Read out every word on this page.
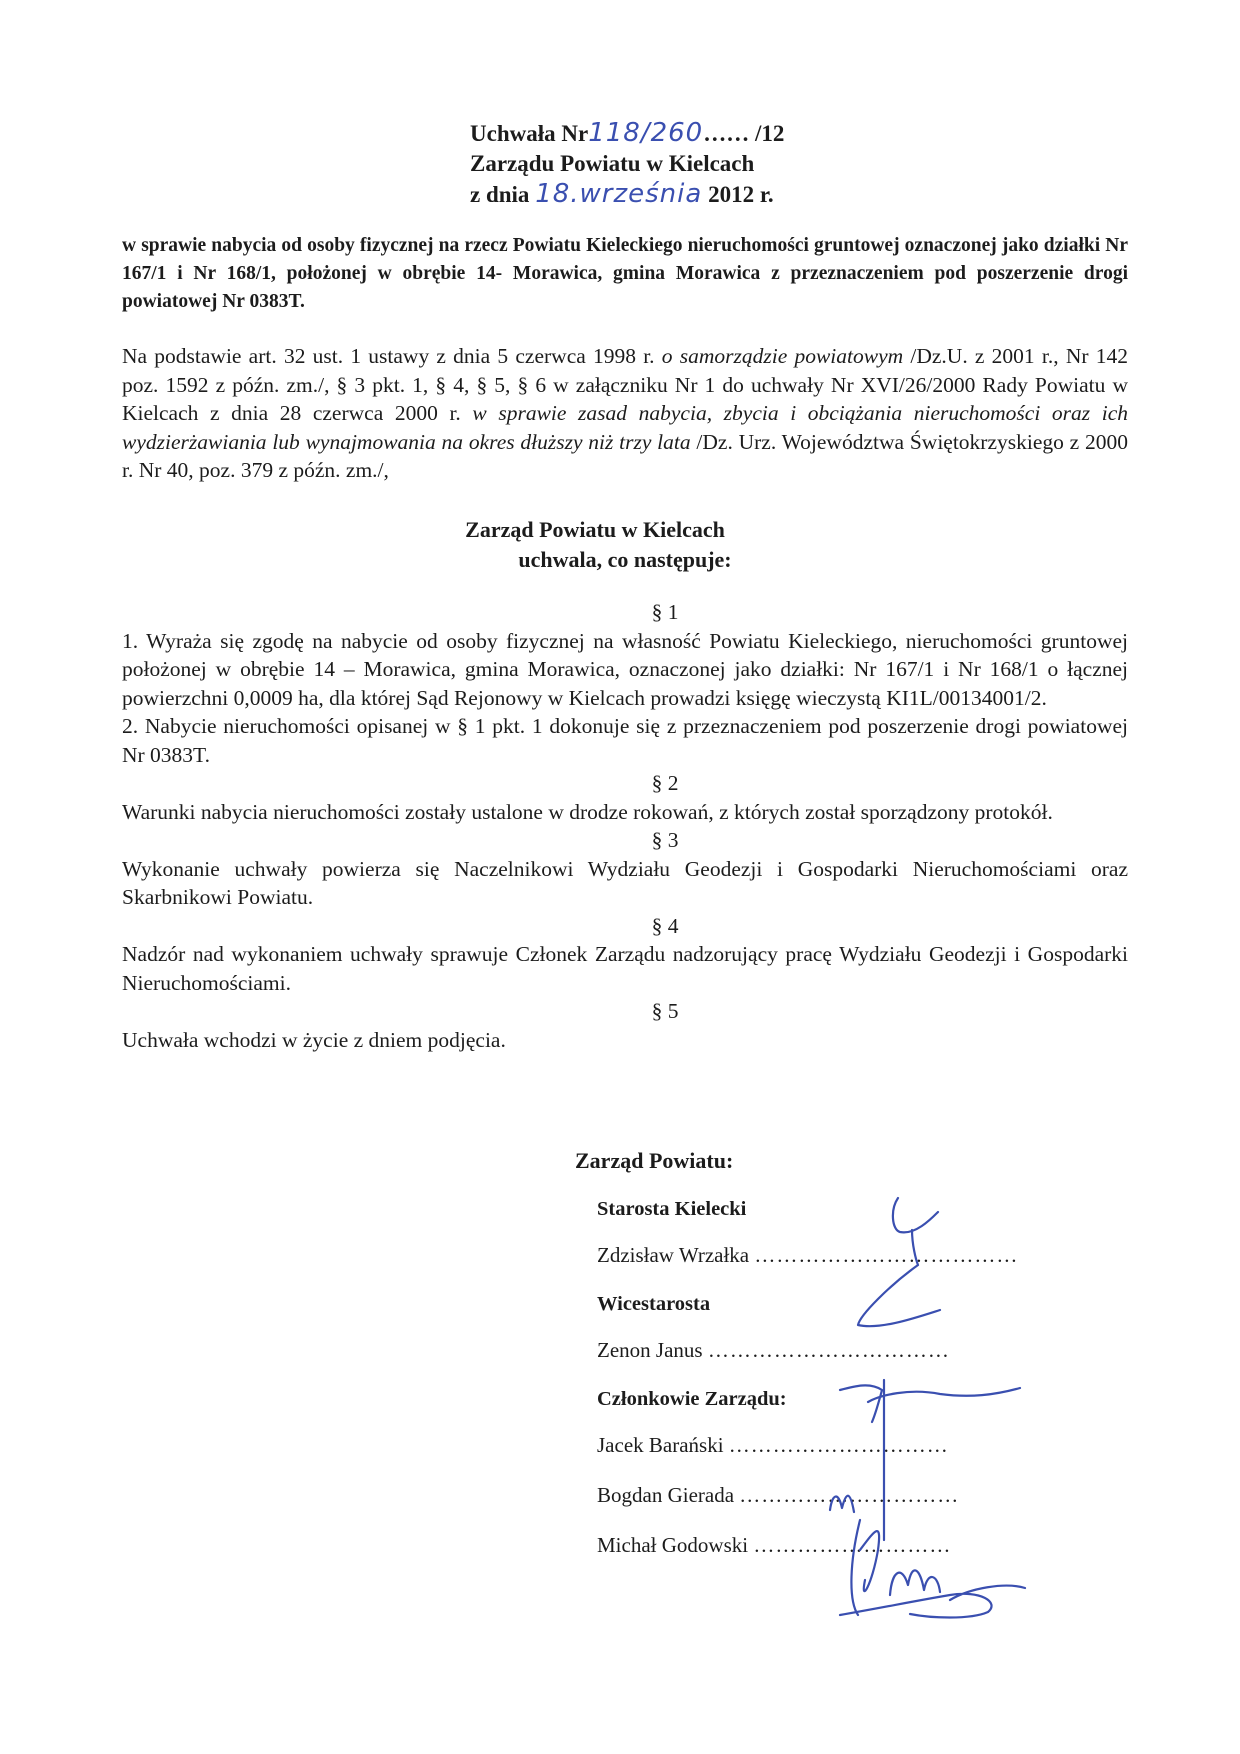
Uchwała Nr118/260…… /12
Zarządu Powiatu w Kielcach
z dnia 18.września 2012 r.
w sprawie nabycia od osoby fizycznej na rzecz Powiatu Kieleckiego nieruchomości gruntowej oznaczonej jako działki Nr 167/1 i Nr 168/1, położonej w obrębie 14- Morawica, gmina Morawica z przeznaczeniem pod poszerzenie drogi powiatowej Nr 0383T.
Na podstawie art. 32 ust. 1 ustawy z dnia 5 czerwca 1998 r. o samorządzie powiatowym /Dz.U. z 2001 r., Nr 142 poz. 1592 z późn. zm./, § 3 pkt. 1, § 4, § 5, § 6 w załączniku Nr 1 do uchwały Nr XVI/26/2000 Rady Powiatu w Kielcach z dnia 28 czerwca 2000 r. w sprawie zasad nabycia, zbycia i obciążania nieruchomości oraz ich wydzierżawiania lub wynajmowania na okres dłuższy niż trzy lata /Dz. Urz. Województwa Świętokrzyskiego z 2000 r. Nr 40, poz. 379 z późn. zm./,
Zarząd Powiatu w Kielcach
uchwala, co następuje:
§ 1
1. Wyraża się zgodę na nabycie od osoby fizycznej na własność Powiatu Kieleckiego, nieruchomości gruntowej położonej w obrębie 14 – Morawica, gmina Morawica, oznaczonej jako działki: Nr 167/1 i Nr 168/1 o łącznej powierzchni 0,0009 ha, dla której Sąd Rejonowy w Kielcach prowadzi księgę wieczystą KI1L/00134001/2.
2. Nabycie nieruchomości opisanej w § 1 pkt. 1 dokonuje się z przeznaczeniem pod poszerzenie drogi powiatowej Nr 0383T.
§ 2
Warunki nabycia nieruchomości zostały ustalone w drodze rokowań, z których został sporządzony protokół.
§ 3
Wykonanie uchwały powierza się Naczelnikowi Wydziału Geodezji i Gospodarki Nieruchomościami oraz Skarbnikowi Powiatu.
§ 4
Nadzór nad wykonaniem uchwały sprawuje Członek Zarządu nadzorujący pracę Wydziału Geodezji i Gospodarki Nieruchomościami.
§ 5
Uchwała wchodzi w życie z dniem podjęcia.
Zarząd Powiatu:
Starosta Kielecki
Zdzisław Wrzałka ………………………………
Wicestarosta
Zenon Janus ……………………………
Członkowie Zarządu:
Jacek Barański …………………………
Bogdan Gierada …………………………
Michał Godowski ………………………
